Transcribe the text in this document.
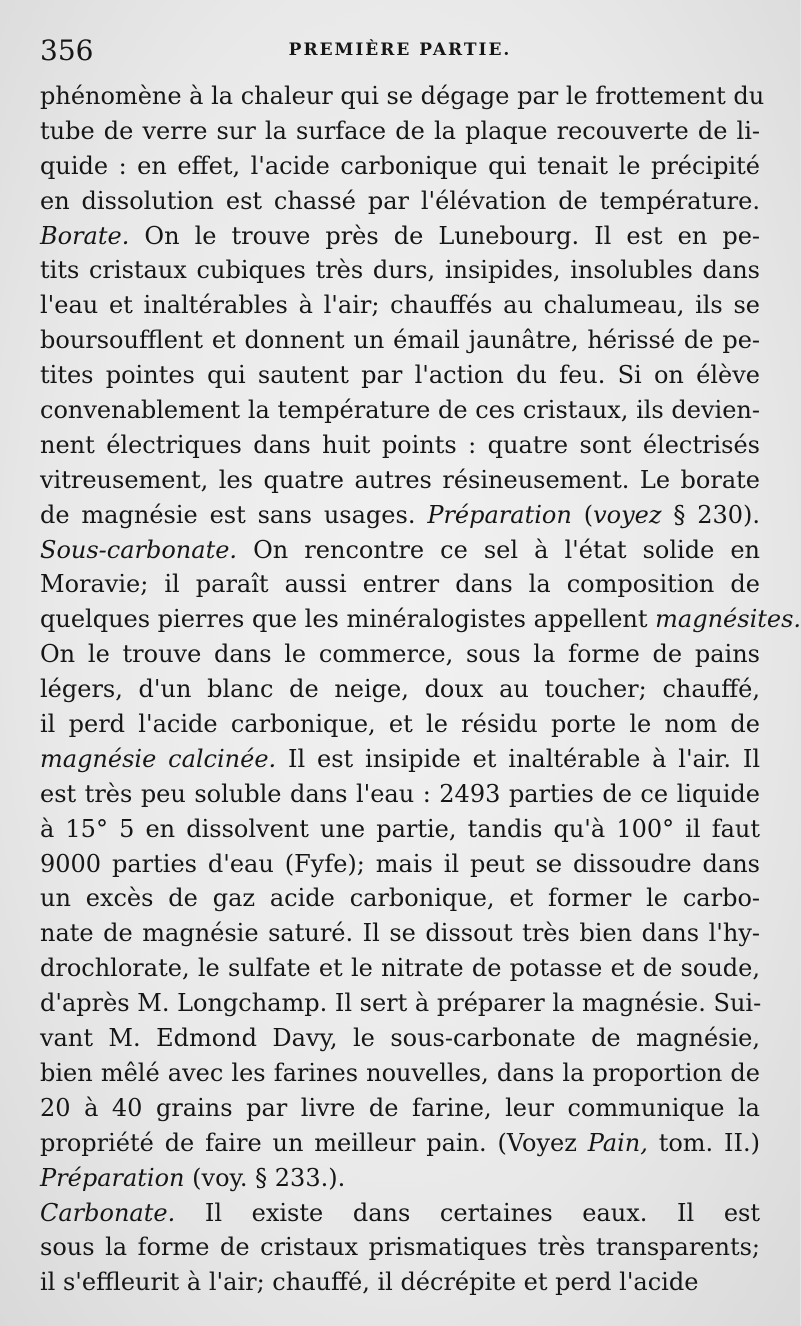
356	PREMIÈRE PARTIE.
phénomène à la chaleur qui se dégage par le frottement du
tube de verre sur la surface de la plaque recouverte de li-
quide : en effet, l'acide carbonique qui tenait le précipité
en dissolution est chassé par l'élévation de température.
Borate. On le trouve près de Lunebourg. Il est en pe-
tits cristaux cubiques très durs, insipides, insolubles dans
l'eau et inaltérables à l'air; chauffés au chalumeau, ils se
boursoufflent et donnent un émail jaunâtre, hérissé de pe-
tites pointes qui sautent par l'action du feu. Si on élève
convenablement la température de ces cristaux, ils devien-
nent électriques dans huit points : quatre sont électrisés
vitreusement, les quatre autres résineusement. Le borate
de magnésie est sans usages. Préparation (voyez § 230).
Sous-carbonate. On rencontre ce sel à l'état solide en
Moravie; il paraît aussi entrer dans la composition de
quelques pierres que les minéralogistes appellent magnésites.
On le trouve dans le commerce, sous la forme de pains
légers, d'un blanc de neige, doux au toucher; chauffé,
il perd l'acide carbonique, et le résidu porte le nom de
magnésie calcinée. Il est insipide et inaltérable à l'air. Il
est très peu soluble dans l'eau : 2493 parties de ce liquide
à 15° 5 en dissolvent une partie, tandis qu'à 100° il faut
9000 parties d'eau (Fyfe); mais il peut se dissoudre dans
un excès de gaz acide carbonique, et former le carbo-
nate de magnésie saturé. Il se dissout très bien dans l'hy-
drochlorate, le sulfate et le nitrate de potasse et de soude,
d'après M. Longchamp. Il sert à préparer la magnésie. Sui-
vant M. Edmond Davy, le sous-carbonate de magnésie,
bien mêlé avec les farines nouvelles, dans la proportion de
20 à 40 grains par livre de farine, leur communique la
propriété de faire un meilleur pain. (Voyez Pain, tom. II.)
Préparation (voy. § 233.).
Carbonate. Il existe dans certaines eaux. Il est
sous la forme de cristaux prismatiques très transparents;
il s'effleurit à l'air; chauffé, il décrépite et perd l'acide
